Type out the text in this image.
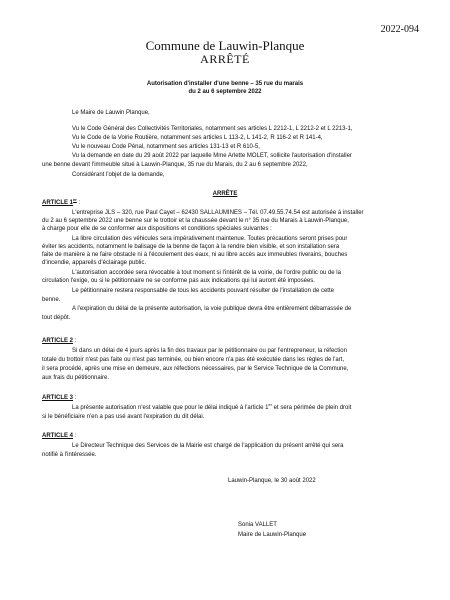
2022-094
Commune de Lauwin-Planque
ARRÊTÉ
Autorisation d'installer d'une benne – 35 rue du marais
du 2 au 6 septembre 2022
Le Maire de Lauwin Planque,
Vu le Code Général des Collectivités Territoriales, notamment ses articles L 2212-1, L 2212-2 et L 2213-1,
Vu le Code de la Voirie Routière, notamment ses articles L 113-2, L 141-2, R 116-2 et R 141-4,
Vu le nouveau Code Pénal, notamment ses articles 131-13 et R 610-5,
Vu la demande en date du 29 août 2022 par laquelle Mme Arlette MOLET, sollicite l'autorisation d'installer
une benne devant l'immeuble situé à Lauwin-Planque, 35 rue du Marais, du 2 au 6 septembre 2022,
Considérant l'objet de la demande,
ARRÊTE
ARTICLE 1er :
L'entreprise JLS – 320, rue Paul Cayet – 62430 SALLAUMINES – Tél. 07.49.55.74.54 est autorisée à installer
du 2 au 6 septembre 2022 une benne sur le trottoir et la chaussée devant le n° 35 rue du Marais à Lauwin-Planque,
à charge pour elle de se conformer aux dispositions et conditions spéciales suivantes :
La libre circulation des véhicules sera impérativement maintenue. Toutes précautions seront prises pour
éviter les accidents, notamment le balisage de la benne de façon à la rendre bien visible, et son installation sera
faite de manière à ne faire obstacle ni à l'écoulement des eaux, ni au libre accès aux immeubles riverains, bouches
d'incendie, appareils d'éclairage public.
L'autorisation accordée sera révocable à tout moment si l'intérêt de la voirie, de l'ordre public ou de la
circulation l'exige, ou si le pétitionnaire ne se conforme pas aux indications qui lui auront été imposées.
Le pétitionnaire restera responsable de tous les accidents pouvant résulter de l'installation de cette
benne.
A l'expiration du délai de la présente autorisation, la voie publique devra être entièrement débarrassée de
tout dépôt.
ARTICLE 2 :
Si dans un délai de 4 jours après la fin des travaux par le pétitionnaire ou par l'entrepreneur, la réfection
totale du trottoir n'est pas faite ou n'est pas terminée, ou bien encore n'a pas été exécutée dans les règles de l'art,
il sera procédé, après une mise en demeure, aux réfections nécessaires, par le Service Technique de la Commune,
aux frais du pétitionnaire.
ARTICLE 3 :
La présente autorisation n'est valable que pour le délai indiqué à l'article 1er et sera périmée de plein droit
si le bénéficiaire n'en a pas usé avant l'expiration du dit délai.
ARTICLE 4 :
Le Directeur Technique des Services de la Mairie est chargé de l'application du présent arrêté qui sera
notifié à l'intéressée.
Lauwin-Planque, le 30 août 2022
Sonia VALLET
Maire de Lauwin-Planque
